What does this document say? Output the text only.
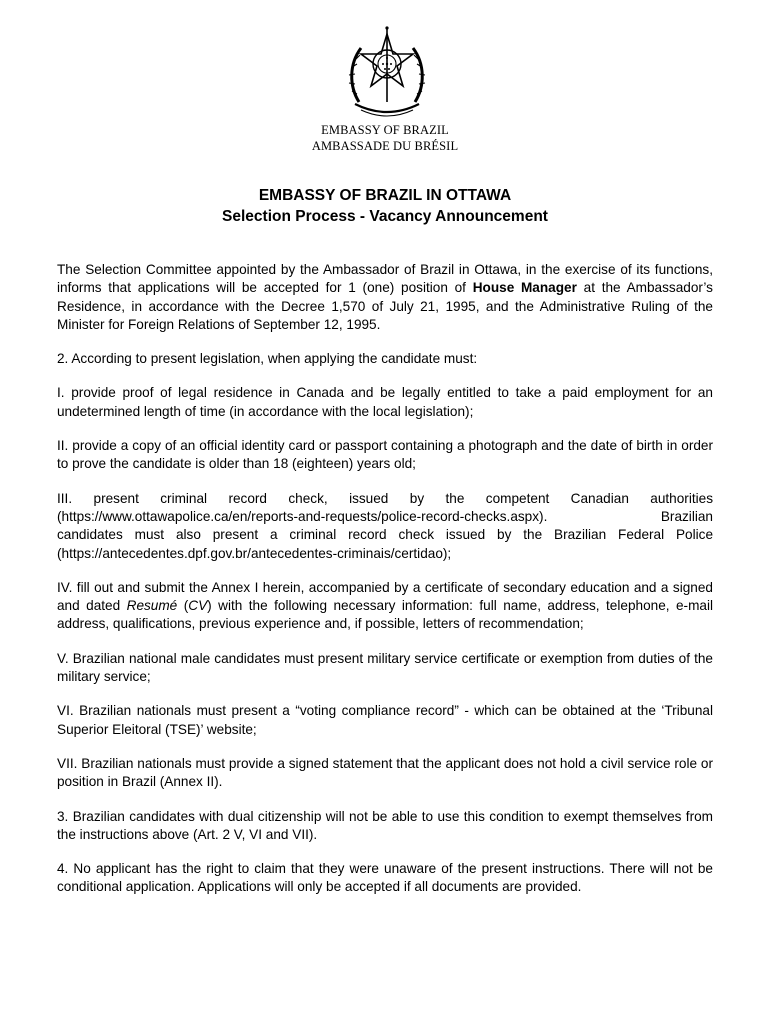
EMBASSY OF BRAZIL
AMBASSADE DU BRÉSIL
EMBASSY OF BRAZIL IN OTTAWA
Selection Process - Vacancy Announcement

The Selection Committee appointed by the Ambassador of Brazil in Ottawa, in the exercise of its functions, informs that applications will be accepted for 1 (one) position of House Manager at the Ambassador’s Residence, in accordance with the Decree 1,570 of July 21, 1995, and the Administrative Ruling of the Minister for Foreign Relations of September 12, 1995.

2. According to present legislation, when applying the candidate must:

I. provide proof of legal residence in Canada and be legally entitled to take a paid employment for an undetermined length of time (in accordance with the local legislation);

II. provide a copy of an official identity card or passport containing a photograph and the date of birth in order to prove the candidate is older than 18 (eighteen) years old;

III. present criminal record check, issued by the competent Canadian authorities
(https://www.ottawapolice.ca/en/reports-and-requests/police-record-checks.aspx). Brazilian
candidates must also present a criminal record check issued by the Brazilian Federal Police (https://antecedentes.dpf.gov.br/antecedentes-criminais/certidao);

IV. fill out and submit the Annex I herein, accompanied by a certificate of secondary education and a signed and dated Resumé (CV) with the following necessary information: full name, address, telephone, e-mail address, qualifications, previous experience and, if possible, letters of recommendation;

V. Brazilian national male candidates must present military service certificate or exemption from duties of the military service;

VI. Brazilian nationals must present a “voting compliance record” - which can be obtained at the ‘Tribunal Superior Eleitoral (TSE)’ website;

VII. Brazilian nationals must provide a signed statement that the applicant does not hold a civil service role or position in Brazil (Annex II).

3. Brazilian candidates with dual citizenship will not be able to use this condition to exempt themselves from the instructions above (Art. 2 V, VI and VII).

4. No applicant has the right to claim that they were unaware of the present instructions. There will not be conditional application. Applications will only be accepted if all documents are provided.
